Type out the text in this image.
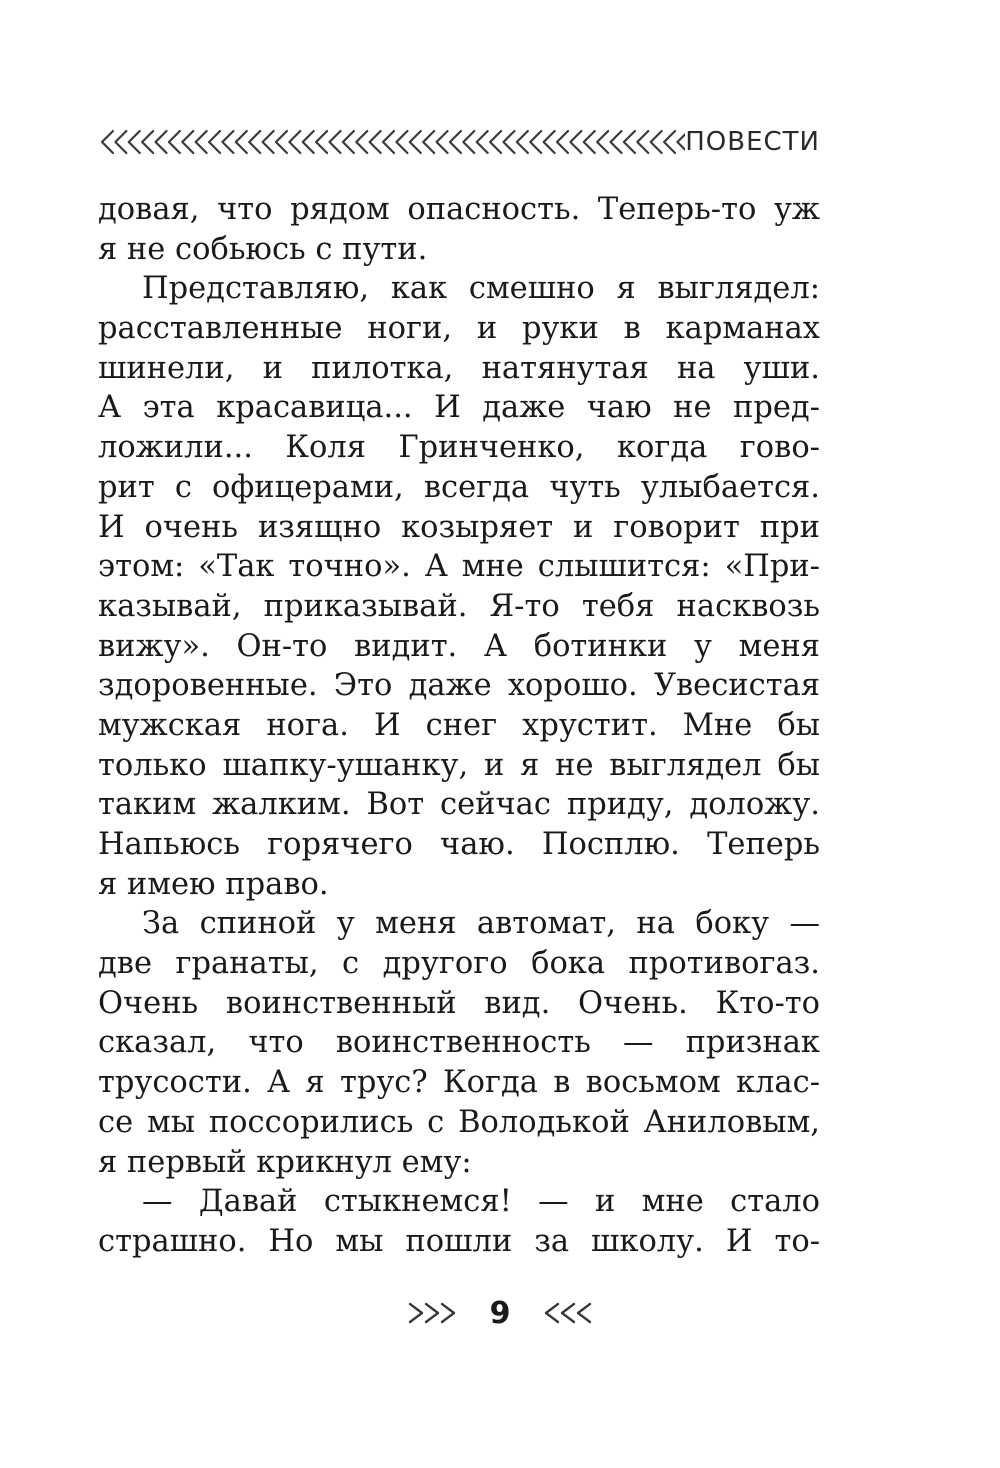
ПОВЕСТИ
довая, что рядом опасность. Теперь-то уж
я не собьюсь с пути.
Представляю, как смешно я выглядел:
расставленные ноги, и руки в карманах
шинели, и пилотка, натянутая на уши.
А эта красавица... И даже чаю не пред-
ложили... Коля Гринченко, когда гово-
рит с офицерами, всегда чуть улыбается.
И очень изящно козыряет и говорит при
этом: «Так точно». А мне слышится: «При-
казывай, приказывай. Я-то тебя насквозь
вижу». Он-то видит. А ботинки у меня
здоровенные. Это даже хорошо. Увесистая
мужская нога. И снег хрустит. Мне бы
только шапку-ушанку, и я не выглядел бы
таким жалким. Вот сейчас приду, доложу.
Напьюсь горячего чаю. Посплю. Теперь
я имею право.
За спиной у меня автомат, на боку —
две гранаты, с другого бока противогаз.
Очень воинственный вид. Очень. Кто-то
сказал, что воинственность — признак
трусости. А я трус? Когда в восьмом клас-
се мы поссорились с Володькой Аниловым,
я первый крикнул ему:
— Давай стыкнемся! — и мне стало
страшно. Но мы пошли за школу. И то-
9
